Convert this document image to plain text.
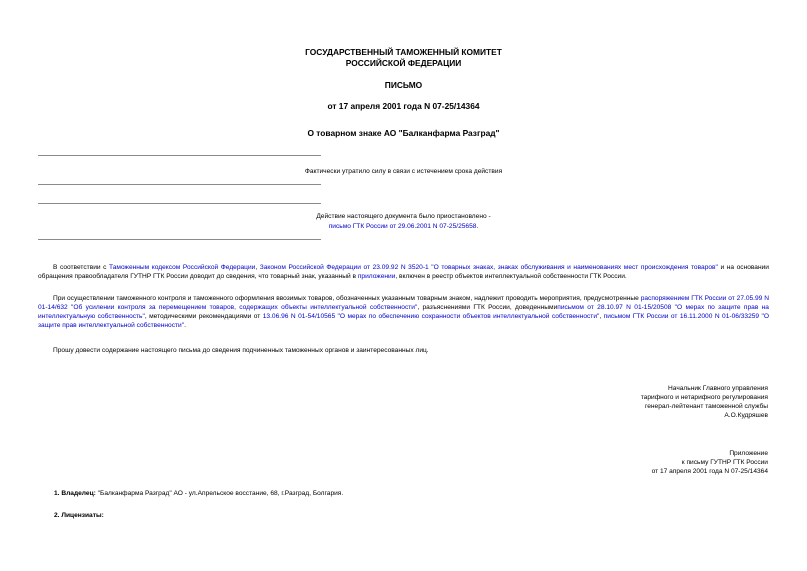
ГОСУДАРСТВЕННЫЙ ТАМОЖЕННЫЙ КОМИТЕТ
РОССИЙСКОЙ ФЕДЕРАЦИИ
ПИСЬМО
от 17 апреля 2001 года N 07-25/14364
О товарном знаке АО "Балканфарма Разград"
Фактически утратило силу в связи с истечением срока действия
Действие настоящего документа было приостановлено -
письмо ГТК России от 29.06.2001 N 07-25/25658.
В соответствии с Таможенным кодексом Российской Федерации, Законом Российской Федерации от 23.09.92 N 3520-1 "О товарных знаках, знаках обслуживания и наименованиях мест происхождения товаров" и на основании обращения правообладателя ГУТНР ГТК России доводит до сведения, что товарный знак, указанный в приложении, включен в реестр объектов интеллектуальной собственности ГТК России.
При осуществлении таможенного контроля и таможенного оформления ввозимых товаров, обозначенных указанным товарным знаком, надлежит проводить мероприятия, предусмотренные распоряжением ГТК России от 27.05.99 N 01-14/632 "Об усилении контроля за перемещением товаров, содержащих объекты интеллектуальной собственности", разъяснениями ГТК России, доведеннымиписьмом от 28.10.97 N 01-15/20508 "О мерах по защите прав на интеллектуальную собственность", методическими рекомендациями от 13.06.96 N 01-54/10565 "О мерах по обеспечению сохранности объектов интеллектуальной собственности", письмом ГТК России от 16.11.2000 N 01-06/33259 "О защите прав интеллектуальной собственности".
Прошу довести содержание настоящего письма до сведения подчиненных таможенных органов и заинтересованных лиц.
Начальник Главного управления
тарифного и нетарифного регулирования
генерал-лейтенант таможенной службы
А.О.Кудряшев
Приложение
к письму ГУТНР ГТК России
от 17 апреля 2001 года N 07-25/14364
1. Владелец: "Балканфарма Разград" АО - ул.Апрельское восстание, 68, г.Разград, Болгария.
2. Лицензиаты:
